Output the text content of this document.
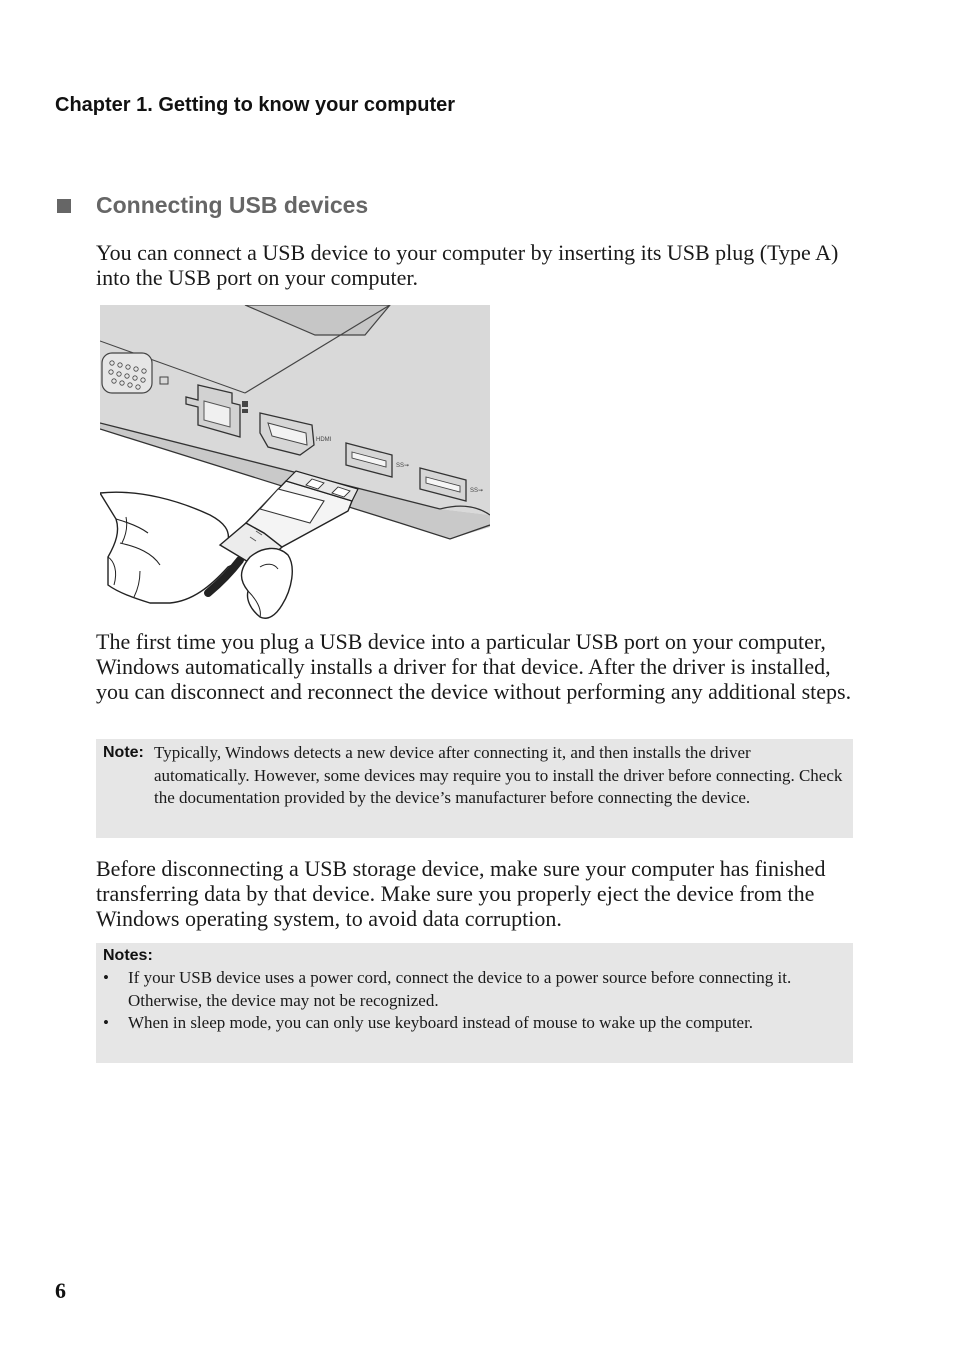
Chapter 1. Getting to know your computer
Connecting USB devices

You can connect a USB device to your computer by inserting its USB plug (Type A) into the USB port on your computer.

HDMI
SS⇝
SS⇝

The first time you plug a USB device into a particular USB port on your computer, Windows automatically installs a driver for that device. After the driver is installed, you can disconnect and reconnect the device without performing any additional steps.

Note: Typically, Windows detects a new device after connecting it, and then installs the driver automatically. However, some devices may require you to install the driver before connecting. Check the documentation provided by the device’s manufacturer before connecting the device.

Before disconnecting a USB storage device, make sure your computer has finished transferring data by that device. Make sure you properly eject the device from the Windows operating system, to avoid data corruption.

Notes:
• If your USB device uses a power cord, connect the device to a power source before connecting it. Otherwise, the device may not be recognized.
• When in sleep mode, you can only use keyboard instead of mouse to wake up the computer.

6
